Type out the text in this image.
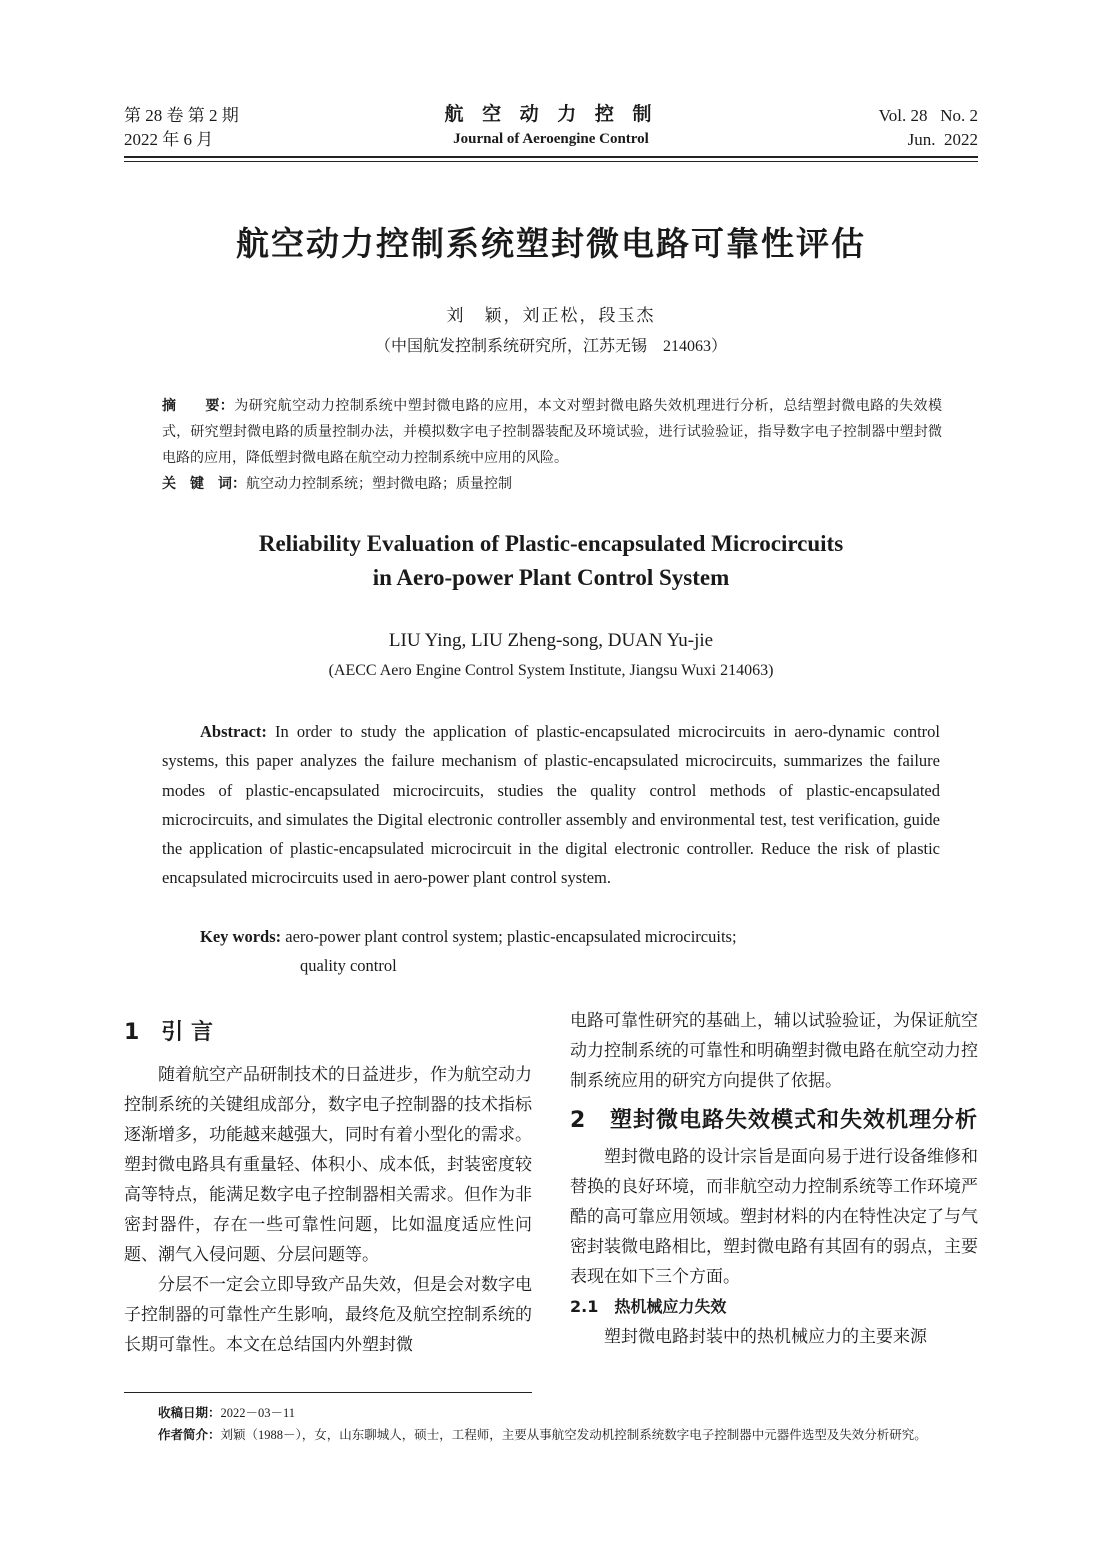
第 28 卷 第 2 期
2022 年 6 月
航 空 动 力 控 制
Journal of Aeroengine Control
Vol. 28   No. 2
Jun.  2022
航空动力控制系统塑封微电路可靠性评估
刘　颖，刘正松，段玉杰
（中国航发控制系统研究所，江苏无锡　214063）
摘　　要：为研究航空动力控制系统中塑封微电路的应用，本文对塑封微电路失效机理进行分析，总结塑封微电路的失效模式，研究塑封微电路的质量控制办法，并模拟数字电子控制器装配及环境试验，进行试验验证，指导数字电子控制器中塑封微电路的应用，降低塑封微电路在航空动力控制系统中应用的风险。
关　键　词：航空动力控制系统；塑封微电路；质量控制
Reliability Evaluation of Plastic-encapsulated Microcircuits
in Aero-power Plant Control System
LIU Ying, LIU Zheng-song, DUAN Yu-jie
(AECC Aero Engine Control System Institute, Jiangsu Wuxi 214063)
Abstract: In order to study the application of plastic-encapsulated microcircuits in aero-dynamic control systems, this paper analyzes the failure mechanism of plastic-encapsulated microcircuits, summarizes the failure modes of plastic-encapsulated microcircuits, studies the quality control methods of plastic-encapsulated microcircuits, and simulates the Digital electronic controller assembly and environmental test, test verification, guide the application of plastic-encapsulated microcircuit in the digital electronic controller. Reduce the risk of plastic encapsulated microcircuits used in aero-power plant control system.
Key words: aero-power plant control system; plastic-encapsulated microcircuits;
quality control
1　引 言

随着航空产品研制技术的日益进步，作为航空动力控制系统的关键组成部分，数字电子控制器的技术指标逐渐增多，功能越来越强大，同时有着小型化的需求。塑封微电路具有重量轻、体积小、成本低，封装密度较高等特点，能满足数字电子控制器相关需求。但作为非密封器件，存在一些可靠性问题，比如温度适应性问题、潮气入侵问题、分层问题等。

分层不一定会立即导致产品失效，但是会对数字电子控制器的可靠性产生影响，最终危及航空控制系统的长期可靠性。本文在总结国内外塑封微

电路可靠性研究的基础上，辅以试验验证，为保证航空动力控制系统的可靠性和明确塑封微电路在航空动力控制系统应用的研究方向提供了依据。

2	塑封微电路失效模式和失效机理分析

塑封微电路的设计宗旨是面向易于进行设备维修和替换的良好环境，而非航空动力控制系统等工作环境严酷的高可靠应用领域。塑封材料的内在特性决定了与气密封装微电路相比，塑封微电路有其固有的弱点，主要表现在如下三个方面。

2.1　热机械应力失效

塑封微电路封装中的热机械应力的主要来源

收稿日期：2022－03－11
作者简介：刘颖（1988－），女，山东聊城人，硕士，工程师，主要从事航空发动机控制系统数字电子控制器中元器件选型及失效分析研究。
